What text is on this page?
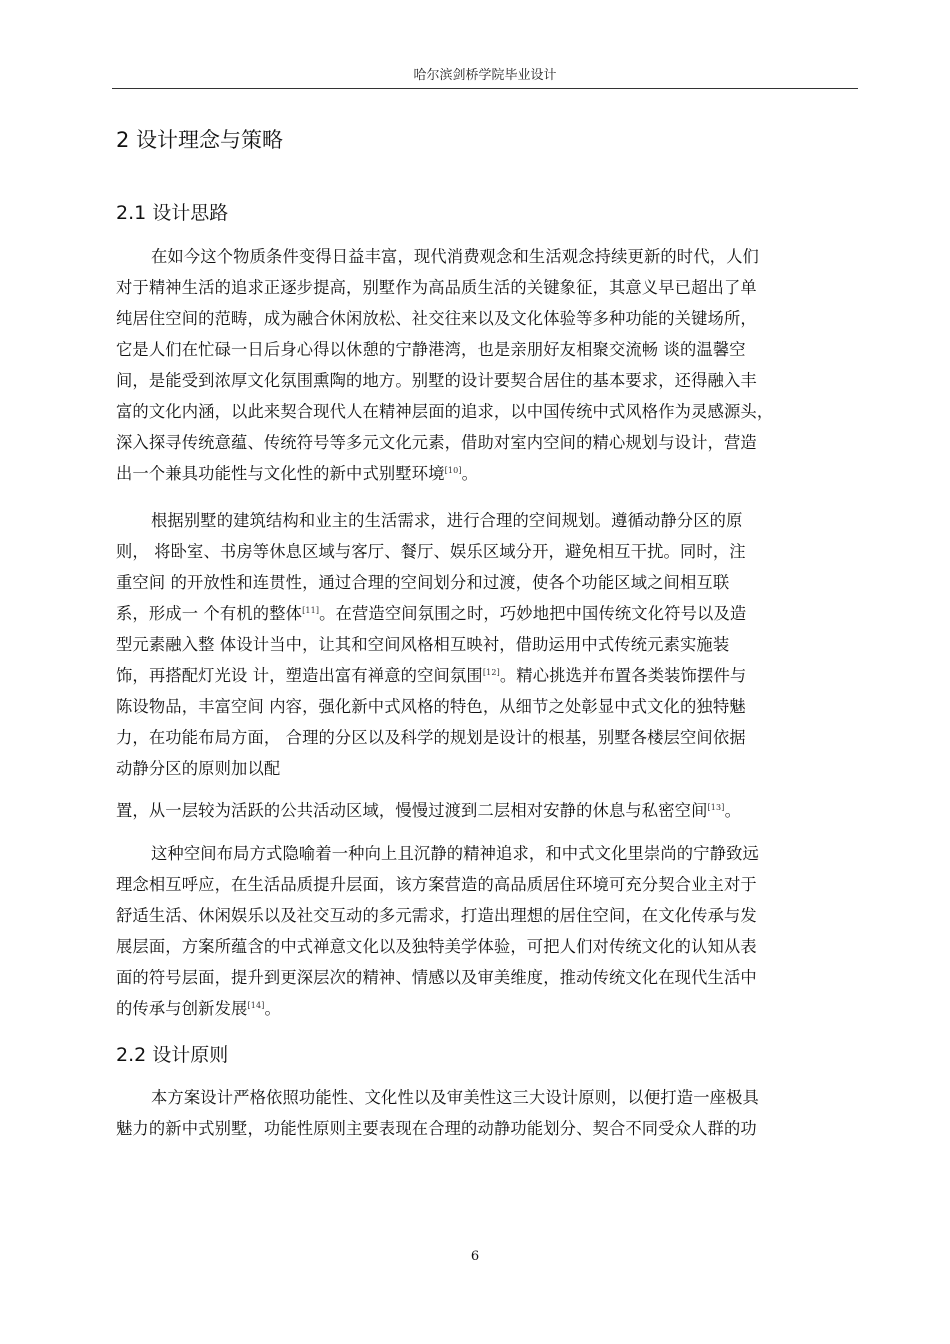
哈尔滨剑桥学院毕业设计
2 设计理念与策略
2.1 设计思路

在如今这个物质条件变得日益丰富，现代消费观念和生活观念持续更新的时代，人们
对于精神生活的追求正逐步提高，别墅作为高品质生活的关键象征，其意义早已超出了单
纯居住空间的范畴，成为融合休闲放松、社交往来以及文化体验等多种功能的关键场所，
它是人们在忙碌一日后身心得以休憩的宁静港湾，也是亲朋好友相聚交流畅 谈的温馨空
间，是能受到浓厚文化氛围熏陶的地方。别墅的设计要契合居住的基本要求，还得融入丰
富的文化内涵，以此来契合现代人在精神层面的追求，以中国传统中式风格作为灵感源头，
深入探寻传统意蕴、传统符号等多元文化元素，借助对室内空间的精心规划与设计，营造
出一个兼具功能性与文化性的新中式别墅环境[10]。

根据别墅的建筑结构和业主的生活需求，进行合理的空间规划。遵循动静分区的原
则， 将卧室、书房等休息区域与客厅、餐厅、娱乐区域分开，避免相互干扰。同时，注
重空间 的开放性和连贯性，通过合理的空间划分和过渡，使各个功能区域之间相互联
系，形成一 个有机的整体[11]。在营造空间氛围之时，巧妙地把中国传统文化符号以及造
型元素融入整 体设计当中，让其和空间风格相互映衬，借助运用中式传统元素实施装
饰，再搭配灯光设 计，塑造出富有禅意的空间氛围[12]。精心挑选并布置各类装饰摆件与
陈设物品，丰富空间 内容，强化新中式风格的特色，从细节之处彰显中式文化的独特魅
力，在功能布局方面， 合理的分区以及科学的规划是设计的根基，别墅各楼层空间依据
动静分区的原则加以配

置，从一层较为活跃的公共活动区域，慢慢过渡到二层相对安静的休息与私密空间[13]。

这种空间布局方式隐喻着一种向上且沉静的精神追求，和中式文化里崇尚的宁静致远
理念相互呼应，在生活品质提升层面，该方案营造的高品质居住环境可充分契合业主对于
舒适生活、休闲娱乐以及社交互动的多元需求，打造出理想的居住空间，在文化传承与发
展层面，方案所蕴含的中式禅意文化以及独特美学体验，可把人们对传统文化的认知从表
面的符号层面，提升到更深层次的精神、情感以及审美维度，推动传统文化在现代生活中
的传承与创新发展[14]。

2.2 设计原则

本方案设计严格依照功能性、文化性以及审美性这三大设计原则，以便打造一座极具
魅力的新中式别墅，功能性原则主要表现在合理的动静功能划分、契合不同受众人群的功

6
